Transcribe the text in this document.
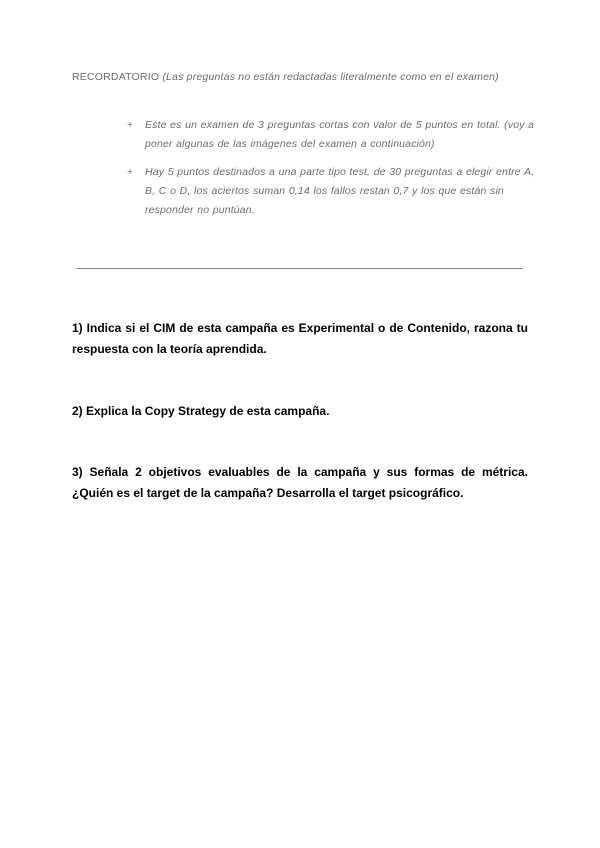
RECORDATORIO (Las preguntas no están redactadas literalmente como en el examen)
+ Este es un examen de 3 preguntas cortas con valor de 5 puntos en total. (voy a poner algunas de las imágenes del examen a continuación)
+ Hay 5 puntos destinados a una parte tipo test, de 30 preguntas a elegir entre A, B, C o D, los aciertos suman 0,14 los fallos restan 0,7 y los que están sin responder no puntúan.

1) Indica si el CIM de esta campaña es Experimental o de Contenido, razona tu respuesta con la teoría aprendida.

2) Explica la Copy Strategy de esta campaña.

3) Señala 2 objetivos evaluables de la campaña y sus formas de métrica. ¿Quién es el target de la campaña? Desarrolla el target psicográfico.
